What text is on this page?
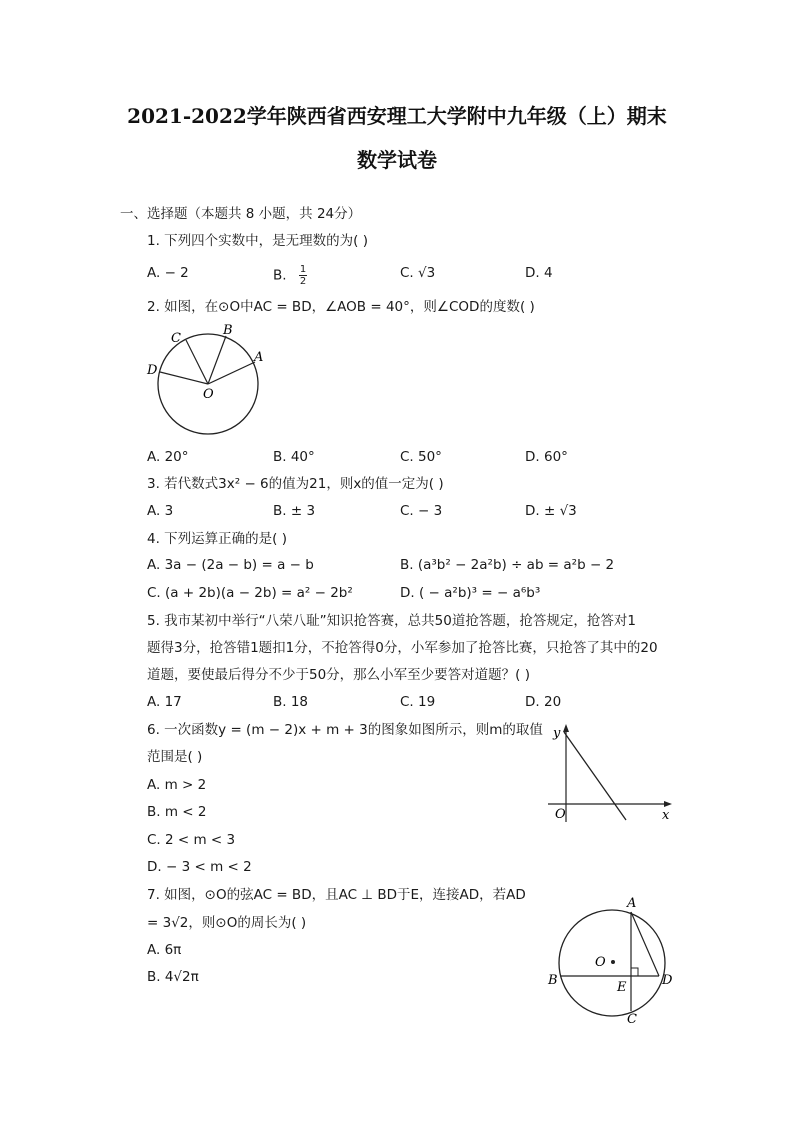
2021-2022学年陕西省西安理工大学附中九年级（上）期末
数学试卷
一、选择题（本题共 8 小题，共 24分）
1. 下列四个实数中，是无理数的为( )
A. − 2	B. $\frac{1}{2}$	C. √3	D. 4
2. 如图，在⊙O中AC = BD，∠AOB = 40°，则∠COD的度数( )
C
B
A
D
O
A. 20°	B. 40°	C. 50°	D. 60°
3. 若代数式3x² − 6的值为21，则x的值一定为( )
A. 3	B. ± 3	C. − 3	D. ± √3
4. 下列运算正确的是( )
A. 3a − (2a − b) = a − b	B. (a³b² − 2a²b) ÷ ab = a²b − 2
C. (a + 2b)(a − 2b) = a² − 2b²	D. ( − a²b)³ = − a⁶b³
5. 我市某初中举行“八荣八耻”知识抢答赛，总共50道抢答题，抢答规定，抢答对1
题得3分，抢答错1题扣1分，不抢答得0分，小军参加了抢答比赛，只抢答了其中的20
道题，要使最后得分不少于50分，那么小军至少要答对道题？( )
A. 17	B. 18	C. 19	D. 20
6. 一次函数y = (m − 2)x + m + 3的图象如图所示，则m的取值
范围是( )
A. m > 2
B. m < 2
C. 2 < m < 3
D. − 3 < m < 2
y
x
O
7. 如图，⊙O的弦AC = BD，且AC ⊥ BD于E，连接AD，若AD
= 3√2，则⊙O的周长为( )
A. 6π
B. 4√2π
A
B	D
E
C
O
